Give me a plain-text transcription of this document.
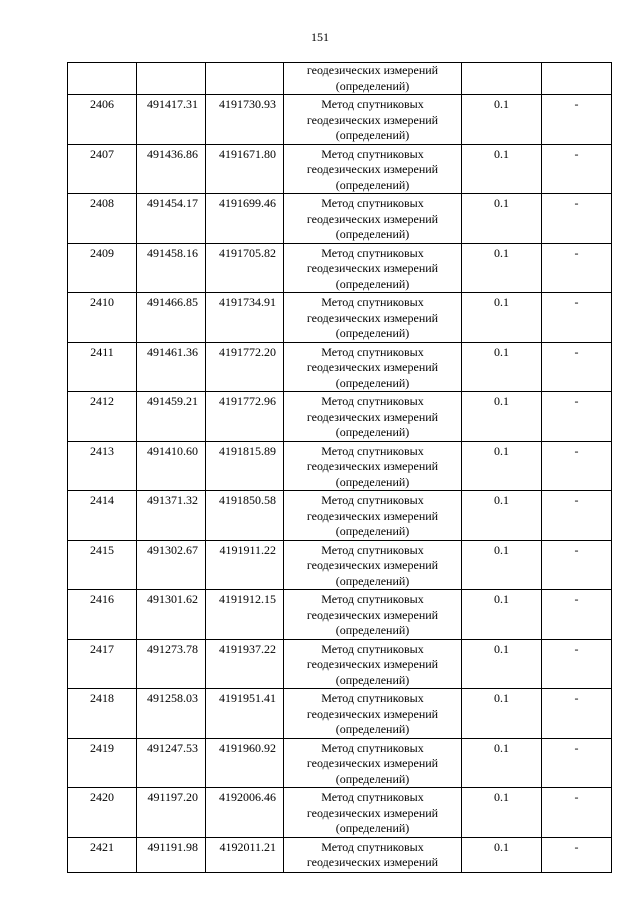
151

			геодезических измерений
(определений)		

2406	491417.31	4191730.93	Метод спутниковых
геодезических измерений
(определений)	0.1	-
2407	491436.86	4191671.80	Метод спутниковых
геодезических измерений
(определений)	0.1	-
2408	491454.17	4191699.46	Метод спутниковых
геодезических измерений
(определений)	0.1	-
2409	491458.16	4191705.82	Метод спутниковых
геодезических измерений
(определений)	0.1	-
2410	491466.85	4191734.91	Метод спутниковых
геодезических измерений
(определений)	0.1	-
2411	491461.36	4191772.20	Метод спутниковых
геодезических измерений
(определений)	0.1	-
2412	491459.21	4191772.96	Метод спутниковых
геодезических измерений
(определений)	0.1	-
2413	491410.60	4191815.89	Метод спутниковых
геодезических измерений
(определений)	0.1	-
2414	491371.32	4191850.58	Метод спутниковых
геодезических измерений
(определений)	0.1	-
2415	491302.67	4191911.22	Метод спутниковых
геодезических измерений
(определений)	0.1	-
2416	491301.62	4191912.15	Метод спутниковых
геодезических измерений
(определений)	0.1	-
2417	491273.78	4191937.22	Метод спутниковых
геодезических измерений
(определений)	0.1	-
2418	491258.03	4191951.41	Метод спутниковых
геодезических измерений
(определений)	0.1	-
2419	491247.53	4191960.92	Метод спутниковых
геодезических измерений
(определений)	0.1	-
2420	491197.20	4192006.46	Метод спутниковых
геодезических измерений
(определений)	0.1	-
2421	491191.98	4192011.21	Метод спутниковых
геодезических измерений	0.1	-
